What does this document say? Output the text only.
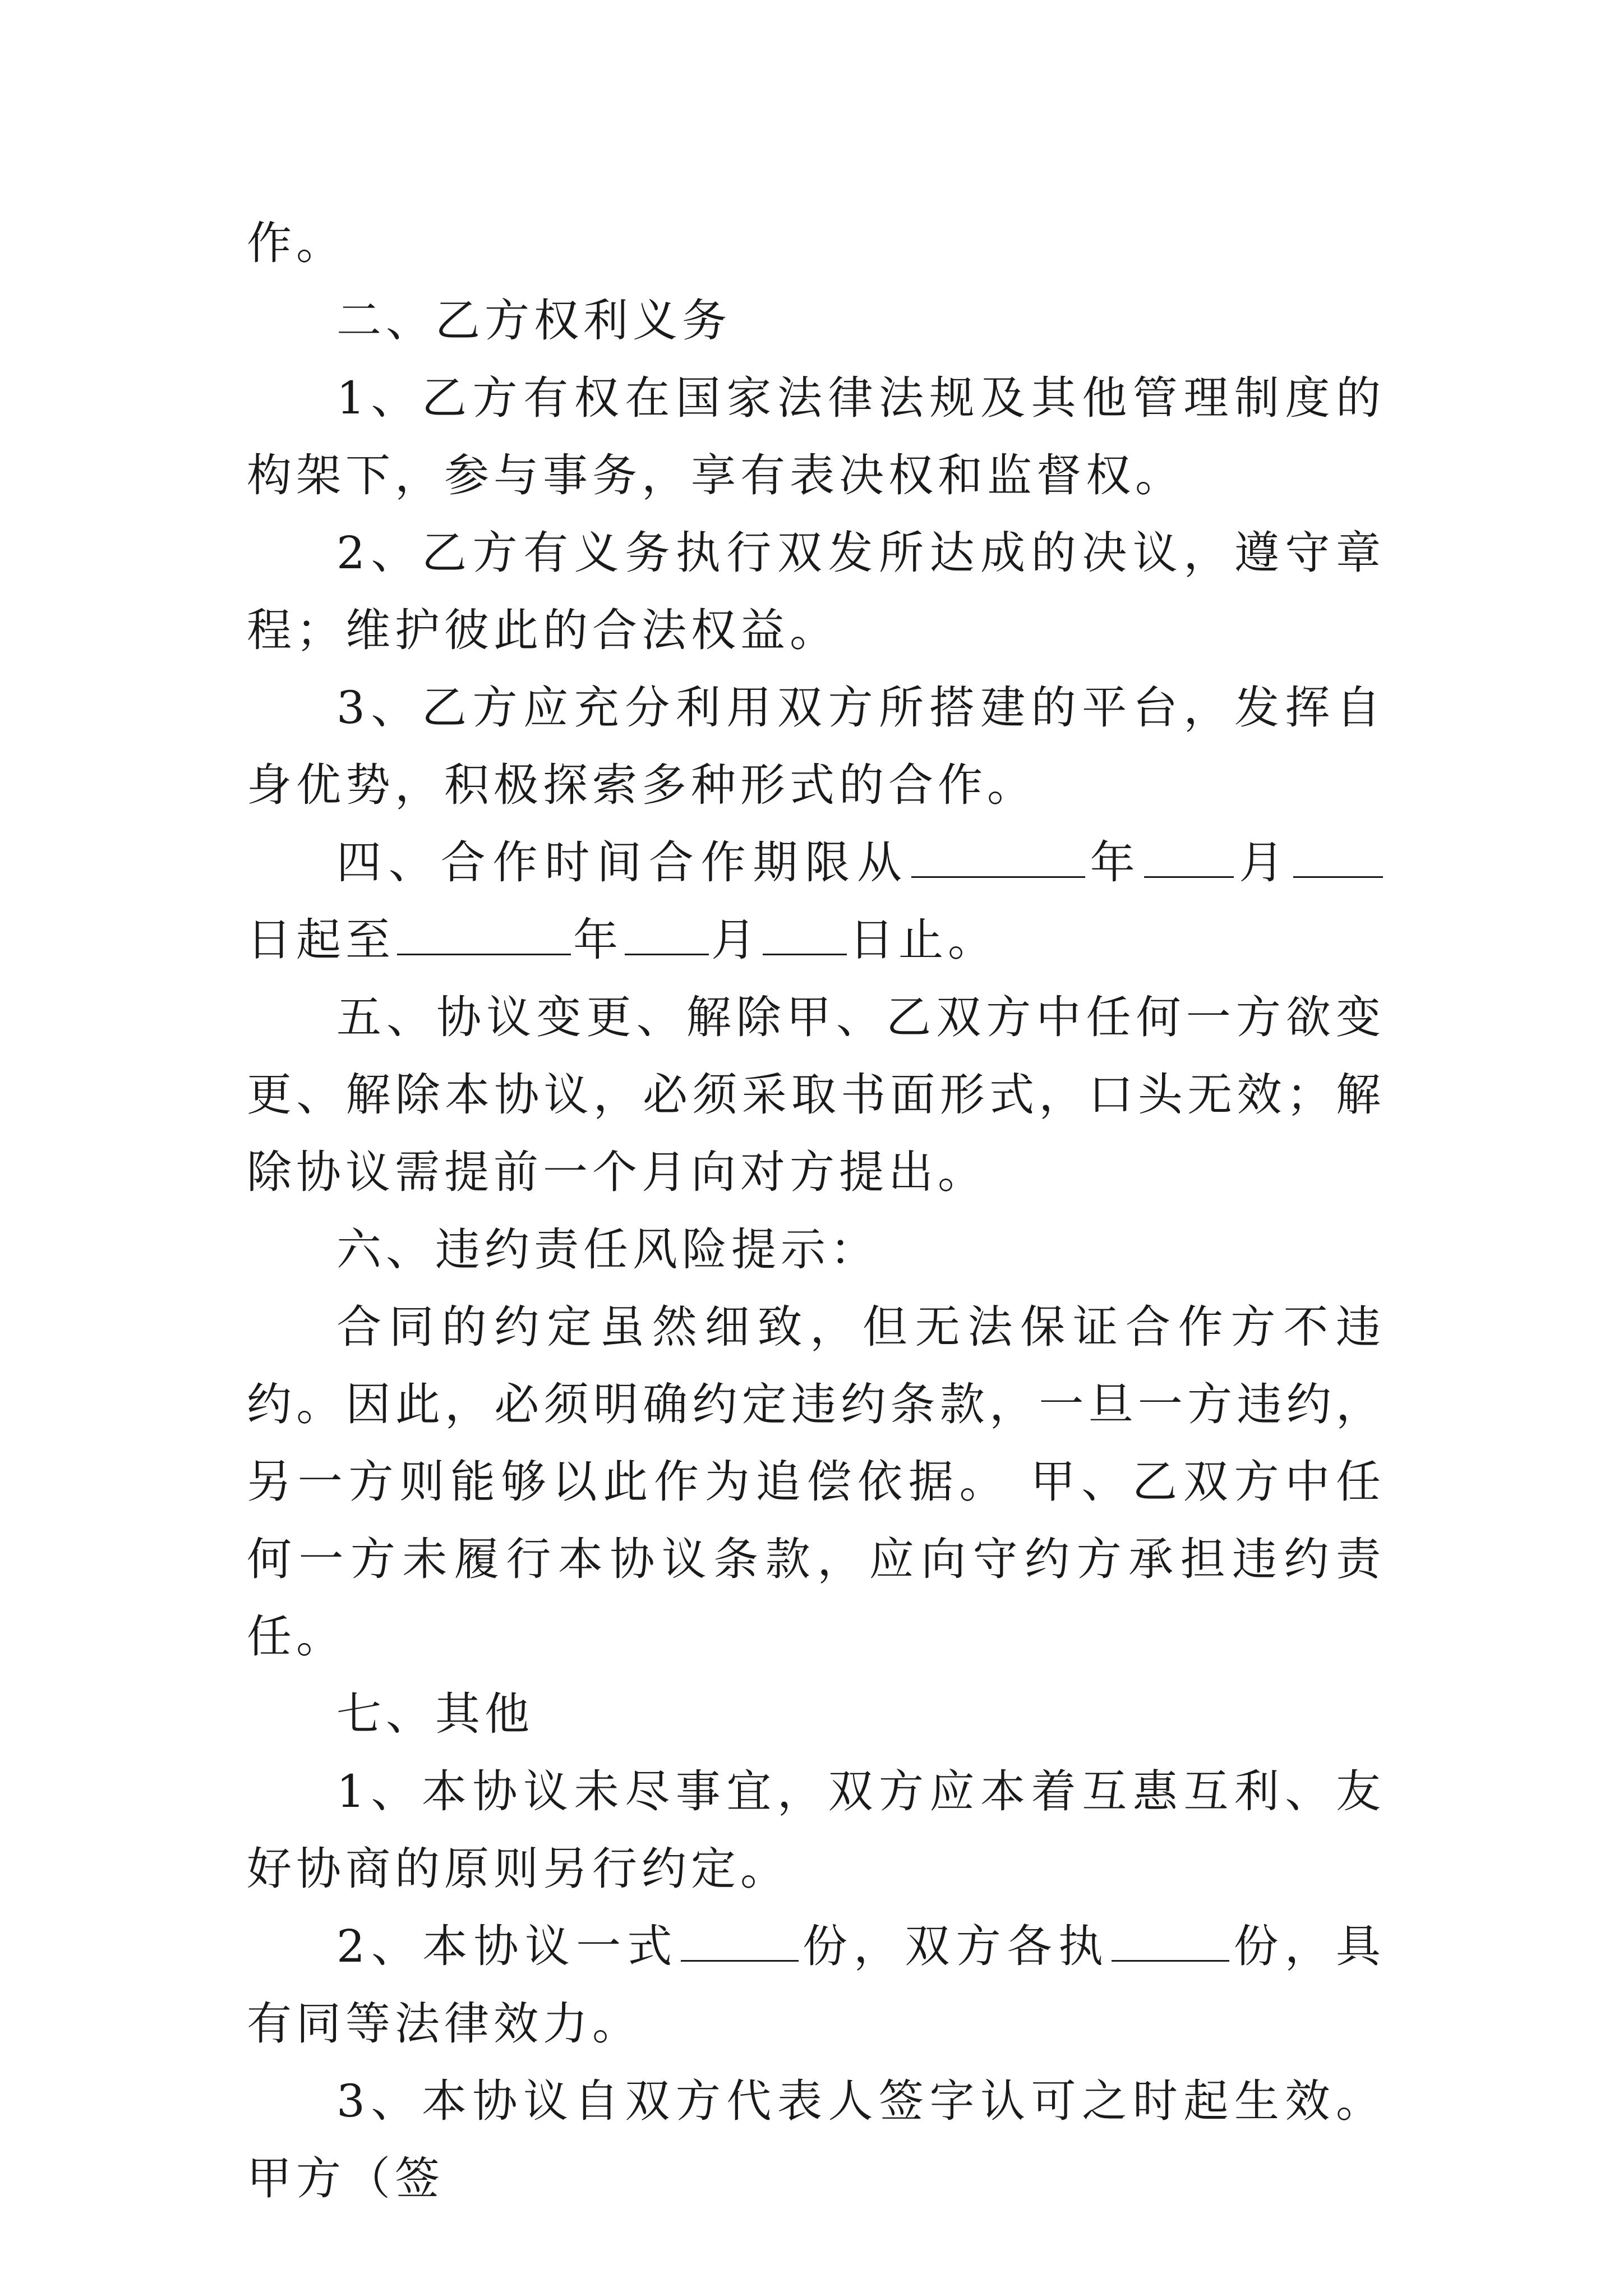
作。

二、乙方权利义务

1、乙方有权在国家法律法规及其他管理制度的构架下，参与事务，享有表决权和监督权。

2、乙方有义务执行双发所达成的决议，遵守章程；维护彼此的合法权益。

3、乙方应充分利用双方所搭建的平台，发挥自身优势，积极探索多种形式的合作。

四、合作时间合作期限从	年 月日起至	年 月 日止。

五、协议变更、解除甲、乙双方中任何一方欲变更、解除本协议，必须采取书面形式，口头无效；解除协议需提前一个月向对方提出。

六、违约责任风险提示：

合同的约定虽然细致，但无法保证合作方不违约。因此，必须明确约定违约条款，一旦一方违约，另一方则能够以此作为追偿依据。 甲、乙双方中任何一方未履行本协议条款，应向守约方承担违约责任。

七、其他

1、本协议未尽事宜，双方应本着互惠互利、友好协商的原则另行约定。

2、本协议一式	份，双方各执	份，具有同等法律效力。

3、本协议自双方代表人签字认可之时起生效。甲方（签
